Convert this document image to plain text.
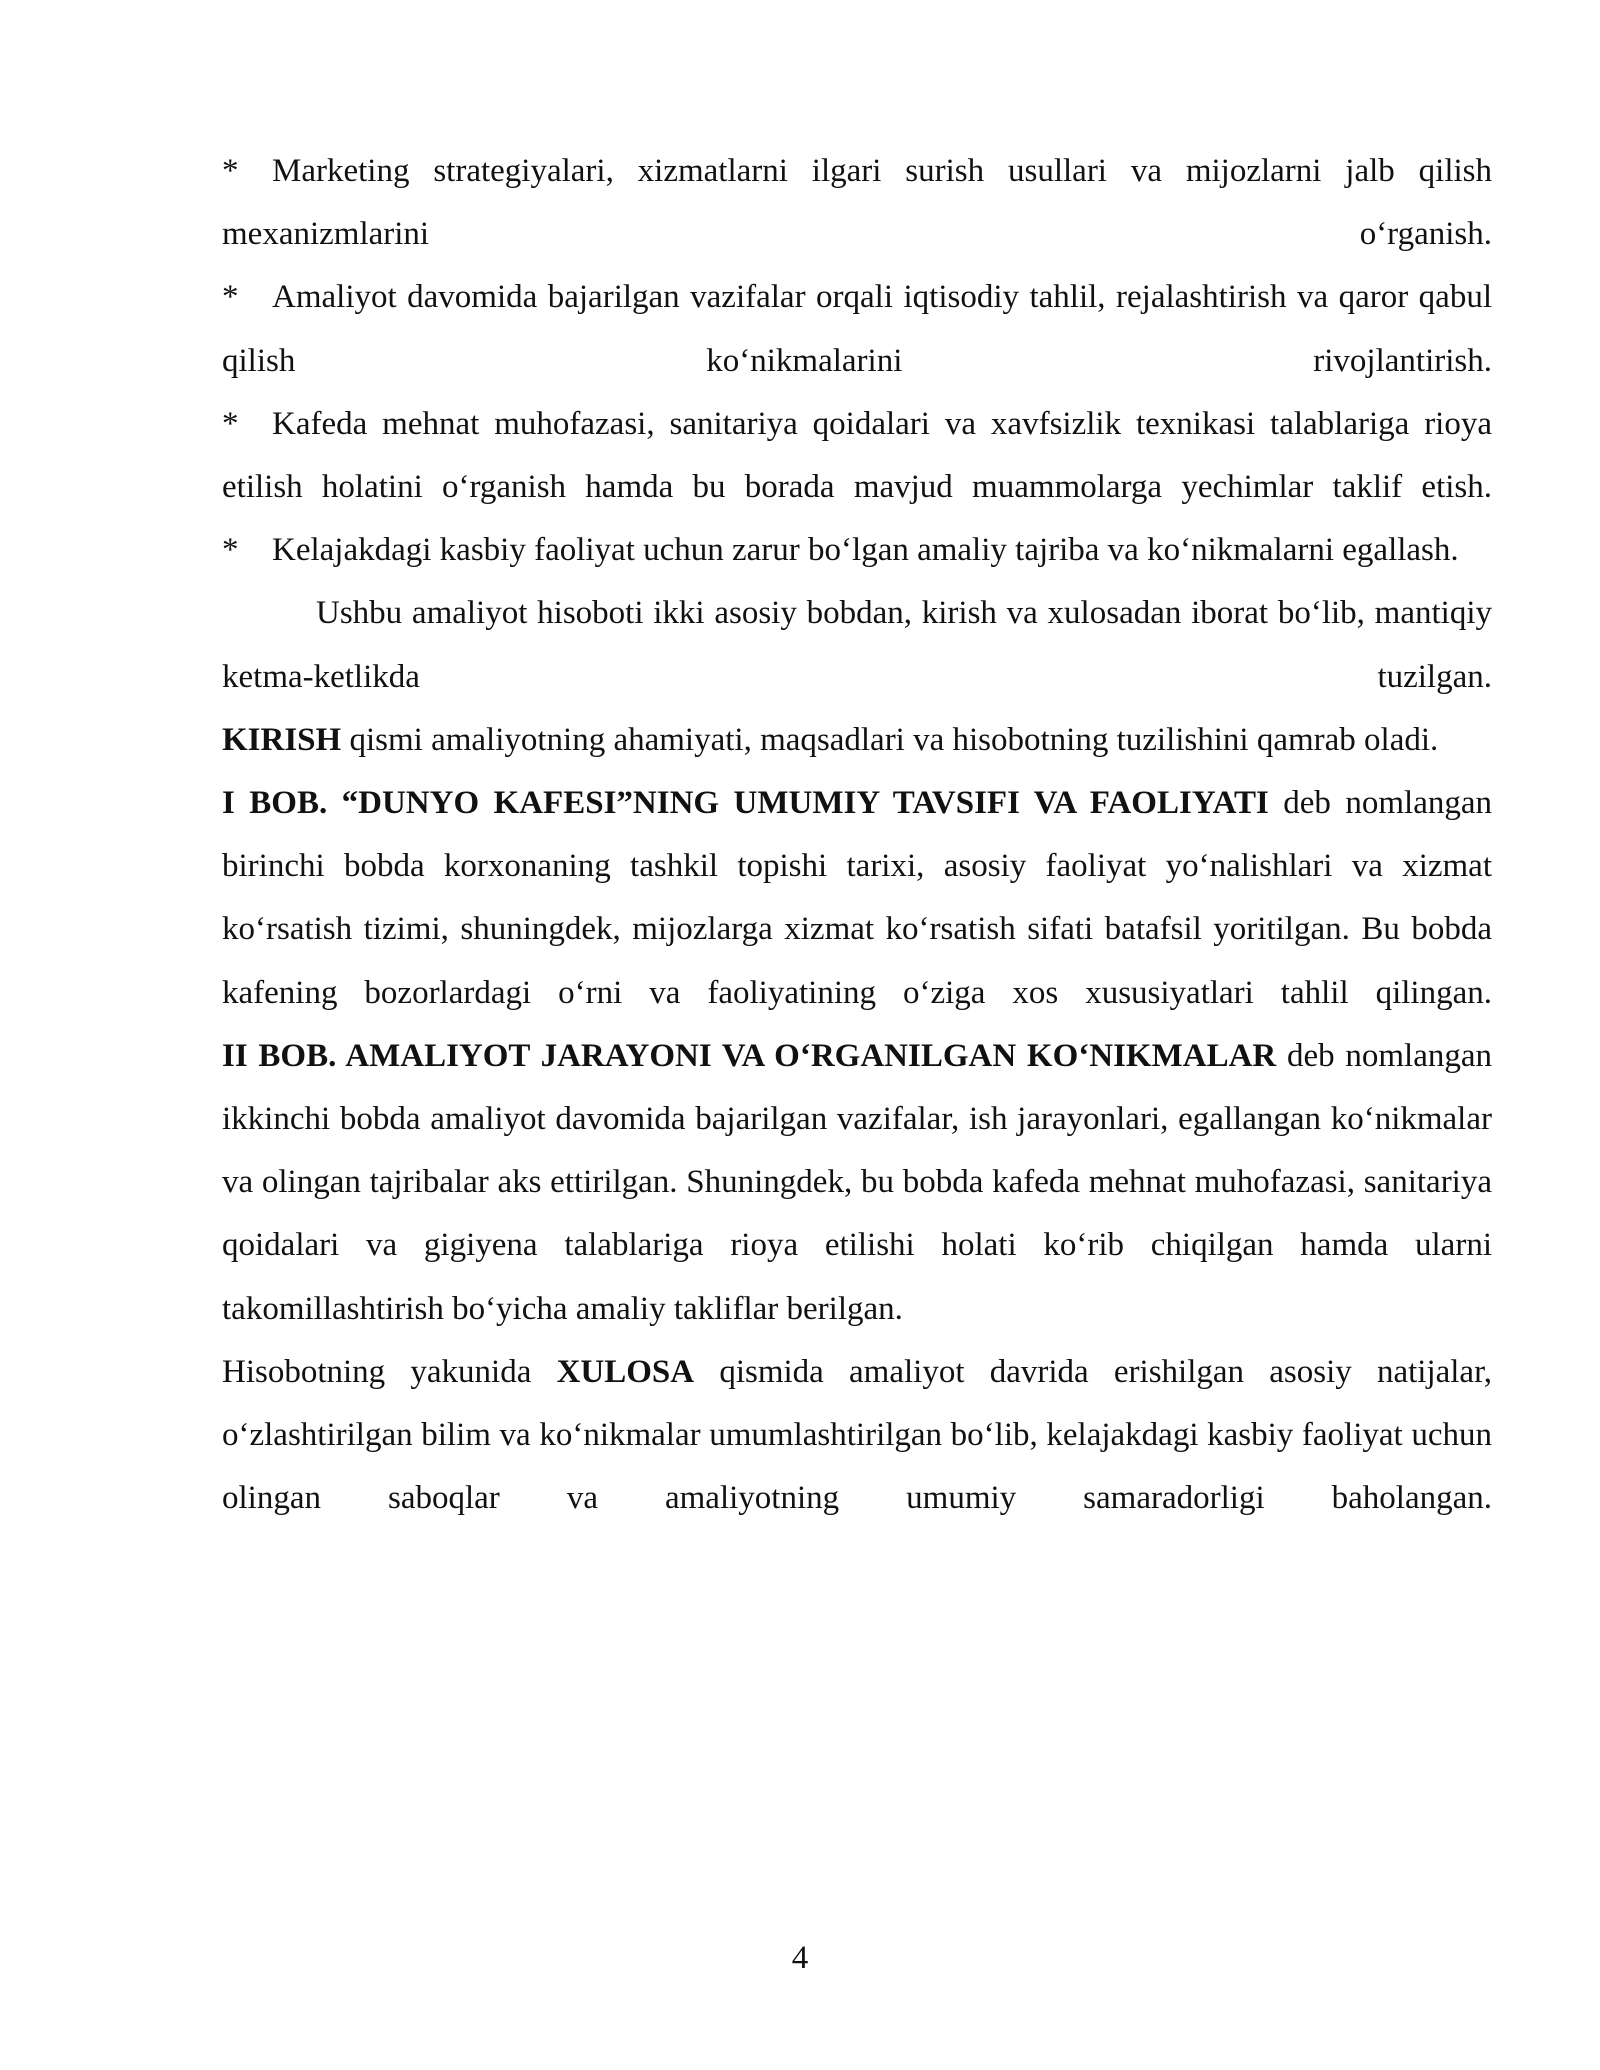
* Marketing strategiyalari, xizmatlarni ilgari surish usullari va mijozlarni jalb qilish mexanizmlarini o‘rganish.

* Amaliyot davomida bajarilgan vazifalar orqali iqtisodiy tahlil, rejalashtirish va qaror qabul qilish ko‘nikmalarini rivojlantirish.

* Kafeda mehnat muhofazasi, sanitariya qoidalari va xavfsizlik texnikasi talablariga rioya etilish holatini o‘rganish hamda bu borada mavjud muammolarga yechimlar taklif etish.

* Kelajakdagi kasbiy faoliyat uchun zarur bo‘lgan amaliy tajriba va ko‘nikmalarni egallash.

Ushbu amaliyot hisoboti ikki asosiy bobdan, kirish va xulosadan iborat bo‘lib, mantiqiy ketma-ketlikda tuzilgan.

KIRISH qismi amaliyotning ahamiyati, maqsadlari va hisobotning tuzilishini qamrab oladi.

I BOB. “DUNYO KAFESI”NING UMUMIY TAVSIFI VA FAOLIYATI deb nomlangan birinchi bobda korxonaning tashkil topishi tarixi, asosiy faoliyat yo‘nalishlari va xizmat ko‘rsatish tizimi, shuningdek, mijozlarga xizmat ko‘rsatish sifati batafsil yoritilgan. Bu bobda kafening bozorlardagi o‘rni va faoliyatining o‘ziga xos xususiyatlari tahlil qilingan.

II BOB. AMALIYOT JARAYONI VA O‘RGANILGAN KO‘NIKMALAR deb nomlangan ikkinchi bobda amaliyot davomida bajarilgan vazifalar, ish jarayonlari, egallangan ko‘nikmalar va olingan tajribalar aks ettirilgan. Shuningdek, bu bobda kafeda mehnat muhofazasi, sanitariya qoidalari va gigiyena talablariga rioya etilishi holati ko‘rib chiqilgan hamda ularni takomillashtirish bo‘yicha amaliy takliflar berilgan.

Hisobotning yakunida XULOSA qismida amaliyot davrida erishilgan asosiy natijalar, o‘zlashtirilgan bilim va ko‘nikmalar umumlashtirilgan bo‘lib, kelajakdagi kasbiy faoliyat uchun olingan saboqlar va amaliyotning umumiy samaradorligi baholangan.

4
